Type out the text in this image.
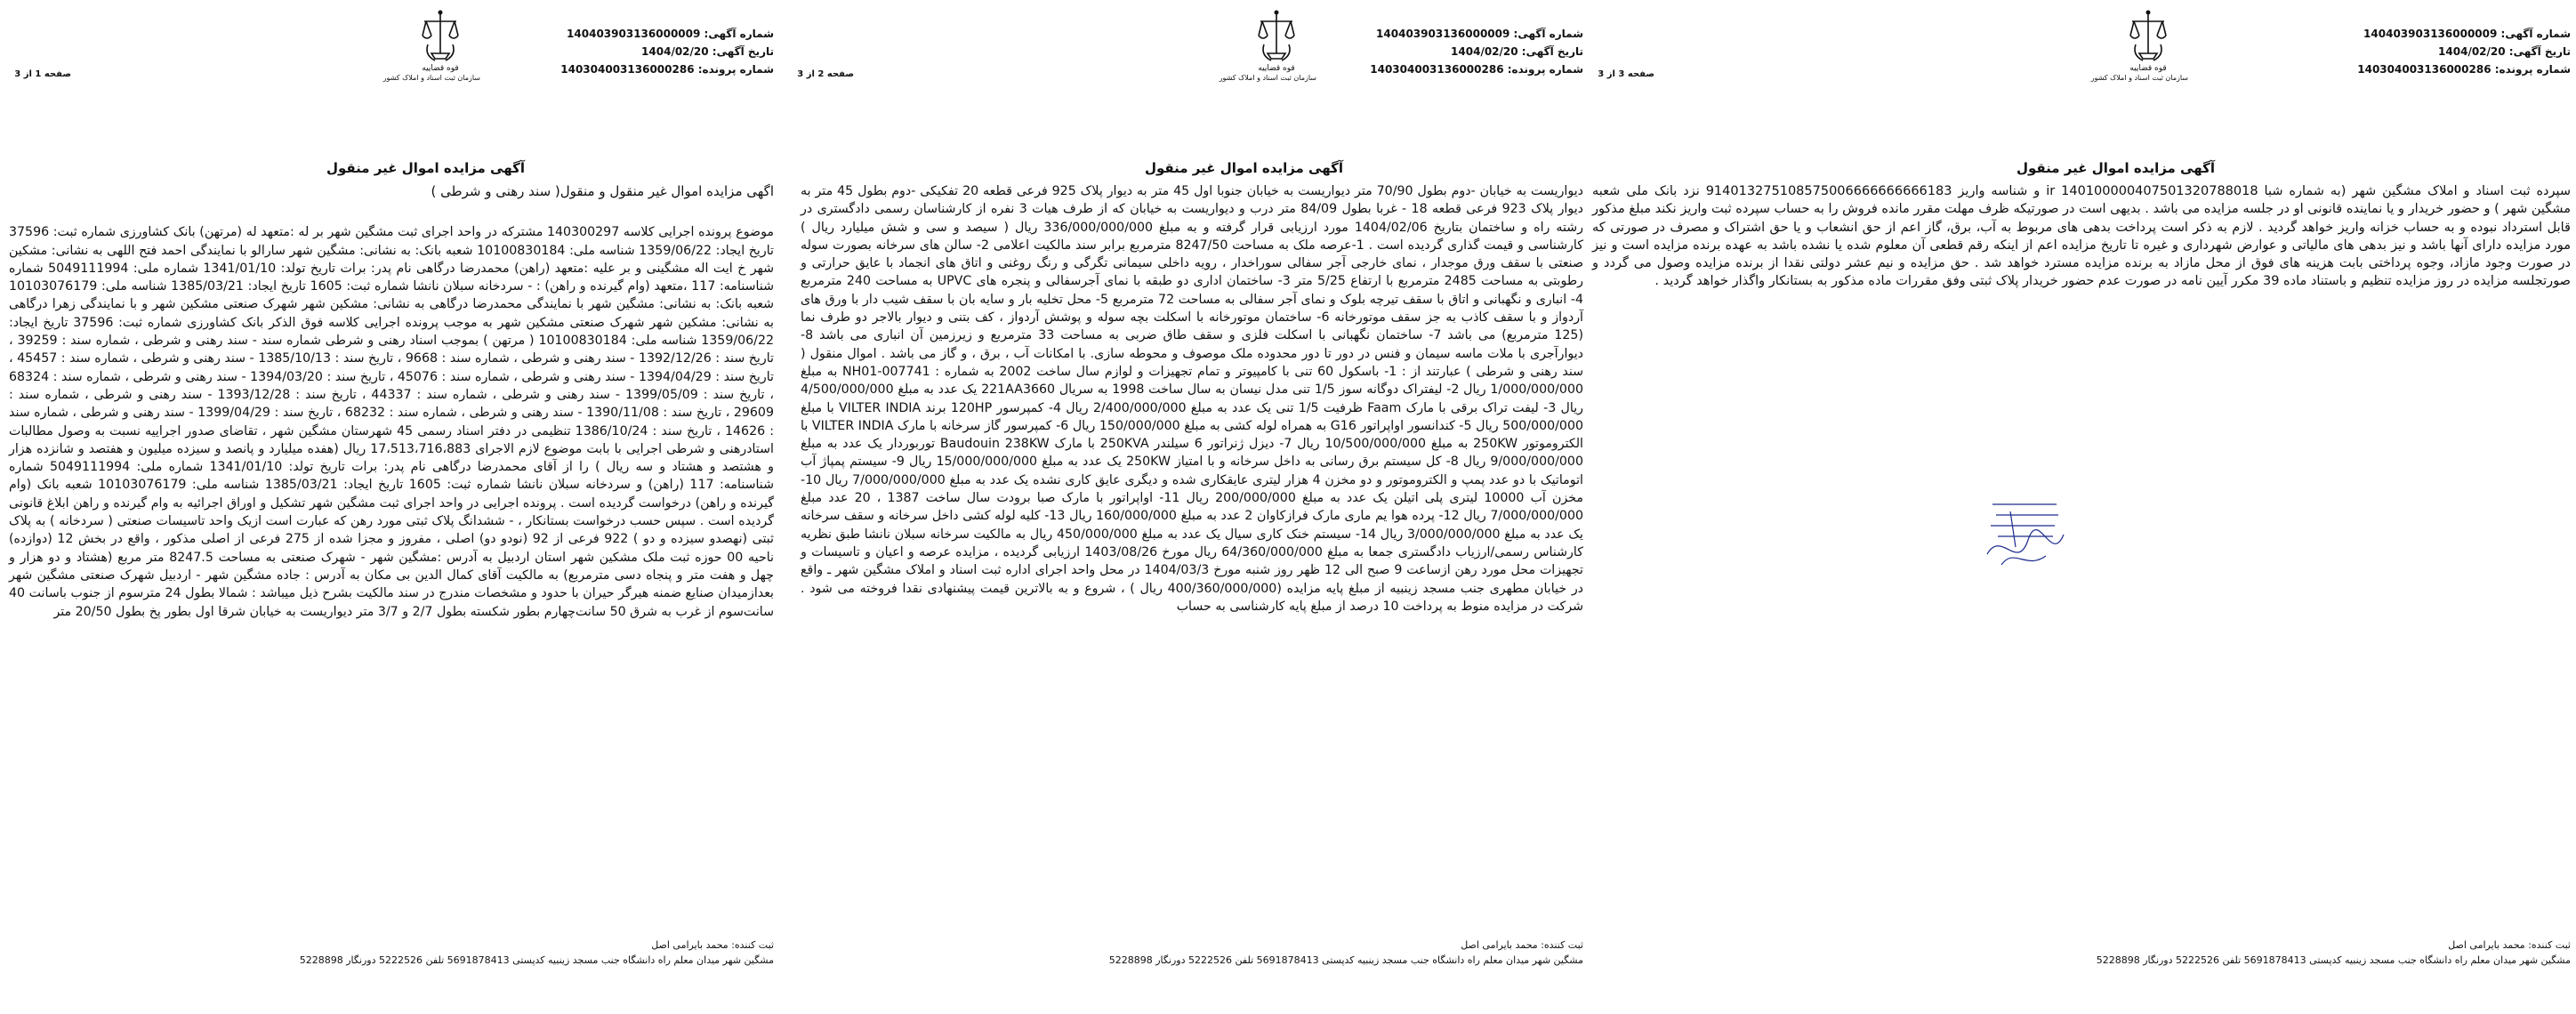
شماره آگهی: 140403903136000009
تاریخ آگهی: 1404/02/20
شماره پرونده: 140304003136000286
قوه قضاییه
سازمان ثبت اسناد و املاک کشور
صفحه 3 از 3
آگهی مزایده اموال غیر منقول

سپرده ثبت اسناد و املاک مشگین شهر (به شماره شبا 140100000407501320788018 ir و شناسه واریز 914013275108575006666666666183 نزد بانک ملی شعبه مشگین شهر ) و حضور خریدار و یا نماینده قانونی او در جلسه مزایده می باشد . بدیهی است در صورتیکه ظرف مهلت مقرر مانده فروش را به حساب سپرده ثبت واریز نکند مبلغ مذکور قابل استرداد نبوده و به حساب خزانه واریز خواهد گردید . لازم به ذکر است پرداخت بدهی های مربوط به آب، برق، گاز اعم از حق انشعاب و یا حق اشتراک و مصرف در صورتی که مورد مزایده دارای آنها باشد و نیز بدهی های مالیاتی و عوارض شهرداری و غیره تا تاریخ مزایده اعم از اینکه رقم قطعی آن معلوم شده یا نشده باشد به عهده برنده مزایده است و نیز در صورت وجود مازاد، وجوه پرداختی بابت هزینه های فوق از محل مازاد به برنده مزایده مسترد خواهد شد . حق مزایده و نیم عشر دولتی نقدا از برنده مزایده وصول می گردد و صورتجلسه مزایده در روز مزایده تنظیم و باستناد ماده 39 مکرر آیین نامه در صورت عدم حضور خریدار پلاک ثبتی وفق مقررات ماده مذکور به بستانکار واگذار خواهد گردید .

ثبت کننده: محمد بایرامی اصل
مشگین شهر میدان معلم راه دانشگاه جنب مسجد زینبیه کدپستی 5691878413 تلفن 5222526 دورنگار 5228898
شماره آگهی: 140403903136000009
تاریخ آگهی: 1404/02/20
شماره پرونده: 140304003136000286
قوه قضاییه
سازمان ثبت اسناد و املاک کشور
صفحه 2 از 3
آگهی مزایده اموال غیر منقول

دیواریست به خیابان -دوم بطول 70/90 متر دیواریست به خیابان جنوبا اول 45 متر به دیوار پلاک 925 فرعی قطعه 20 تفکیکی -دوم بطول 45 متر به دیوار پلاک 923 فرعی قطعه 18 - غربا بطول 84/09 متر درب و دیواریست به خیابان که از طرف هیات 3 نفره از کارشناسان رسمی دادگستری در رشته راه و ساختمان بتاریخ 1404/02/06 مورد ارزیابی قرار گرفته و به مبلغ 336/000/000/000 ریال ( سیصد و سی و شش میلیارد ریال ) کارشناسی و قیمت گذاری گردیده است . 1-عرصه ملک به مساحت 8247/50 مترمربع برابر سند مالکیت اعلامی 2- سالن های سرخانه بصورت سوله صنعتی با سقف ورق موجدار ، نمای خارجی آجر سفالی سوراخدار ، رویه داخلی سیمانی تگرگی و رنگ روغنی و اتاق های انجماد با عایق حرارتی و رطوبتی به مساحت 2485 مترمربع با ارتفاع 5/25 متر 3- ساختمان اداری دو طبقه با نمای آجرسفالی و پنجره های UPVC به مساحت 240 مترمربع 4- انباری و نگهبانی و اتاق با سقف تیرچه بلوک و نمای آجر سفالی به مساحت 72 مترمربع 5- محل تخلیه بار و سایه بان با سقف شیب دار با ورق های آردواز و با سقف کاذب به جز سقف موتورخانه 6- ساختمان موتورخانه با اسکلت بچه سوله و پوشش آردواز ، کف بتنی و دیوار بالاجر دو طرف نما (125 مترمربع) می باشد 7- ساختمان نگهبانی با اسکلت فلزی و سقف طاق ضربی به مساحت 33 مترمربع و زیرزمین آن انباری می باشد 8- دیوارآجری با ملات ماسه سیمان و فنس در دور تا دور محدوده ملک موصوف و محوطه سازی. با امکانات آب ، برق ، و گاز می باشد . اموال منقول ( سند رهنی و شرطی ) عبارتند از : 1- باسکول 60 تنی با کامپیوتر و تمام تجهیزات و لوازم سال ساخت 2002 به شماره : NH01-007741 به مبلغ 1/000/000/000 ریال 2- لیفتراک دوگانه سوز 1/5 تنی مدل نیسان به سال ساخت 1998 به سریال 221AA3660 یک عدد به مبلغ 4/500/000/000 ریال 3- لیفت تراک برقی با مارک Faam ظرفیت 1/5 تنی یک عدد به مبلغ 2/400/000/000 ریال 4- کمپرسور 120HP برند VILTER INDIA با مبلغ 500/000/000 ریال 5- کندانسور اواپراتور G16 به همراه لوله کشی به مبلغ 150/000/000 ریال 6- کمپرسور گاز سرخانه با مارک VILTER INDIA با الکتروموتور 250KW به مبلغ 10/500/000/000 ریال 7- دیزل ژنراتور 6 سیلندر 250KVA با مارک Baudouin 238KW توربوردار یک عدد به مبلغ 9/000/000/000 ریال 8- کل سیستم برق رسانی به داخل سرخانه و با امتیاز 250KW یک عدد به مبلغ 15/000/000/000 ریال 9- سیستم پمپاژ آب اتوماتیک با دو عدد پمپ و الکتروموتور و دو مخزن 4 هزار لیتری عایقکاری شده و دیگری عایق کاری نشده یک عدد به مبلغ 7/000/000/000 ریال 10- مخزن آب 10000 لیتری پلی اتیلن یک عدد به مبلغ 200/000/000 ریال 11- اواپراتور با مارک صبا برودت سال ساخت 1387 ، 20 عدد مبلغ 7/000/000/000 ریال 12- پرده هوا یم ماری مارک فرازکاوان 2 عدد به مبلغ 160/000/000 ریال 13- کلیه لوله کشی داخل سرخانه و سقف سرخانه یک عدد به مبلغ 3/000/000/000 ریال 14- سیستم خنک کاری سیال یک عدد به مبلغ 450/000/000 ریال به مالکیت سرخانه سبلان نانشا طبق نظریه کارشناس رسمی/ارزیاب دادگستری جمعا به مبلغ 64/360/000/000 ریال مورخ 1403/08/26 ارزیابی گردیده ، مزایده عرصه و اعیان و تاسیسات و تجهیزات محل مورد رهن ازساعت 9 صبح الی 12 ظهر روز شنبه مورخ 1404/03/3 در محل واحد اجرای اداره ثبت اسناد و املاک مشگین شهر ـ واقع در خیابان مطهری جنب مسجد زینبیه از مبلغ پایه مزایده (400/360/000/000 ریال ) ، شروع و به بالاترین قیمت پیشنهادی نقدا فروخته می شود . شرکت در مزایده منوط به پرداخت 10 درصد از مبلغ پایه کارشناسی به حساب

ثبت کننده: محمد بایرامی اصل
مشگین شهر میدان معلم راه دانشگاه جنب مسجد زینبیه کدپستی 5691878413 تلفن 5222526 دورنگار 5228898
شماره آگهی: 140403903136000009
تاریخ آگهی: 1404/02/20
شماره پرونده: 140304003136000286
قوه قضاییه
سازمان ثبت اسناد و املاک کشور
صفحه 1 از 3
آگهی مزایده اموال غیر منقول

اگهی مزایده اموال غیر منقول و منقول( سند رهنی و شرطی )

موضوع پرونده اجرایی کلاسه 140300297 مشترکه در واحد اجرای ثبت مشگین شهر بر له :متعهد له (مرتهن) بانک کشاورزی شماره ثبت: 37596 تاریخ ایجاد: 1359/06/22 شناسه ملی: 10100830184 شعبه بانک: به نشانی: مشگین شهر سارالو با نمایندگی احمد فتح اللهی به نشانی: مشکین شهر خ ایت اله مشگینی و بر علیه :متعهد (راهن) محمدرضا درگاهی نام پدر: برات تاریخ تولد: 1341/01/10 شماره ملی: 5049111994 شماره شناسنامه: 117 ،متعهد (وام گیرنده و راهن) : - سردخانه سبلان نانشا شماره ثبت: 1605 تاریخ ایجاد: 1385/03/21 شناسه ملی: 10103076179 شعبه بانک: به نشانی: مشگین شهر با نمایندگی محمدرضا درگاهی به نشانی: مشکین شهر شهرک صنعتی مشکین شهر و با نمایندگی زهرا درگاهی به نشانی: مشکین شهر شهرک صنعتی مشکین شهر به موجب پرونده اجرایی کلاسه فوق الذکر بانک کشاورزی شماره ثبت: 37596 تاریخ ایجاد: 1359/06/22 شناسه ملی: 10100830184 ( مرتهن ) بموجب اسناد رهنی و شرطی شماره سند - سند رهنی و شرطی ، شماره سند : 39259 ، تاریخ سند : 1392/12/26 - سند رهنی و شرطی ، شماره سند : 9668 ، تاریخ سند : 1385/10/13 - سند رهنی و شرطی ، شماره سند : 45457 ، تاریخ سند : 1394/04/29 - سند رهنی و شرطی ، شماره سند : 45076 ، تاریخ سند : 1394/03/20 - سند رهنی و شرطی ، شماره سند : 68324 ، تاریخ سند : 1399/05/09 - سند رهنی و شرطی ، شماره سند : 44337 ، تاریخ سند : 1393/12/28 - سند رهنی و شرطی ، شماره سند : 29609 ، تاریخ سند : 1390/11/08 - سند رهنی و شرطی ، شماره سند : 68232 ، تاریخ سند : 1399/04/29 - سند رهنی و شرطی ، شماره سند : 14626 ، تاریخ سند : 1386/10/24 تنظیمی در دفتر اسناد رسمی 45 شهرستان مشگین شهر ، تقاضای صدور اجراییه نسبت به وصول مطالبات استادرهنی و شرطی اجرایی با بابت موضوع لازم الاجرای 17،513،716،883 ریال (هفده میلیارد و پانصد و سیزده میلیون و هفتصد و شانزده هزار و هشتصد و هشتاد و سه ریال ) را از آقای محمدرضا درگاهی نام پدر: برات تاریخ تولد: 1341/01/10 شماره ملی: 5049111994 شماره شناسنامه: 117 (راهن) و سردخانه سبلان نانشا شماره ثبت: 1605 تاریخ ایجاد: 1385/03/21 شناسه ملی: 10103076179 شعبه بانک (وام گیرنده و راهن) درخواست گردیده است . پرونده اجرایی در واحد اجرای ثبت مشگین شهر تشکیل و اوراق اجرائیه به وام گیرنده و راهن ابلاغ قانونی گردیده است . سپس حسب درخواست بستانکار ، - ششدانگ پلاک ثبتی مورد رهن که عبارت است ازیک واحد تاسیسات صنعتی ( سردخانه ) به پلاک ثبتی (نهصدو سیزده و دو ) 922 فرعی از 92 (نودو دو) اصلی ، مفروز و مجزا شده از 275 فرعی از اصلی مذکور ، واقع در بخش 12 (دوازده) ناحیه 00 حوزه ثبت ملک مشکین شهر استان اردبیل به آدرس :مشگین شهر - شهرک صنعتی به مساحت 8247.5 متر مربع (هشتاد و دو هزار و چهل و هفت متر و پنجاه دسی مترمربع) به مالکیت آقای کمال الدین بی مکان به آدرس : جاده مشگین شهر - اردبیل شهرک صنعتی مشگین شهر بعدازمیدان صنایع ضمنه هیرگر حیران با حدود و مشخصات مندرج در سند مالکیت بشرح ذیل میباشد : شمالا بطول 24 مترسوم از جنوب باسانت 40 سانت‌سوم از غرب به شرق 50 سانت‌چهارم بطور شکسته بطول 2/7 و 3/7 متر دیواریست به خیابان شرقا اول بطور پخ بطول 20/50 متر

ثبت کننده: محمد بایرامی اصل
مشگین شهر میدان معلم راه دانشگاه جنب مسجد زینبیه کدپستی 5691878413 تلفن 5222526 دورنگار 5228898
